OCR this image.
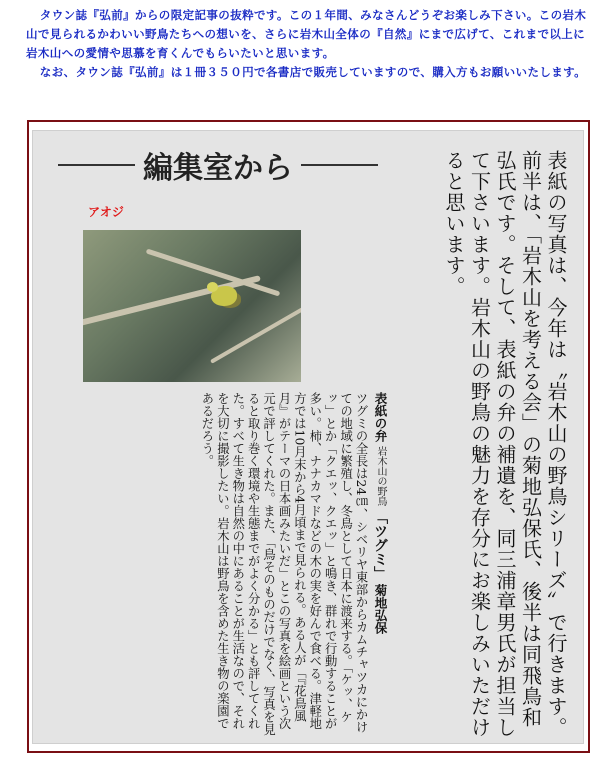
タウン誌『弘前』からの限定記事の抜粋です。この１年間、みなさんどうぞお楽しみ下さい。この岩木山で見られるかわいい野鳥たちへの想いを、さらに岩木山全体の『自然』にまで広げて、これまで以上に岩木山への愛情や思慕を育くんでもらいたいと思います。

なお、タウン誌『弘前』は１冊３５０円で各書店で販売していますので、購入方もお願いいたします。

編集室から
アオジ	表紙の写真は、今年は〝岩木山の野鳥シリーズ〟で行きます。前半は、「岩木山を考える会」の菊地弘保氏、後半は同飛鳥和弘氏です。そして、表紙の弁の補遺を、同三浦章男氏が担当して下さいます。岩木山の野鳥の魅力を存分にお楽しみいただけると思います。
表紙の弁 岩木山の野鳥 「ツグミ」 菊地弘保
ツグミの全長は24㎝、シベリヤ東部からカムチャツカにかけての地域に繁殖し、冬鳥として日本に渡来する。「ケッ、ケッ」とか「クエッ、クエッ」と鳴き、群れで行動することが多い。柿、ナナカマドなどの木の実を好んで食べる。津軽地方では10月末から4月頃まで見られる。ある人が「『花鳥風月』がテーマの日本画みたいだ」とこの写真を絵画という次元で評してくれた。また、「鳥そのものだけでなく、写真を見ると取り巻く環境や生態までがよく分かる」とも評してくれた。すべて生き物は自然の中にあることが生活なので、それを大切に撮影したい。岩木山は野鳥を含めた生き物の楽園であるだろう。
